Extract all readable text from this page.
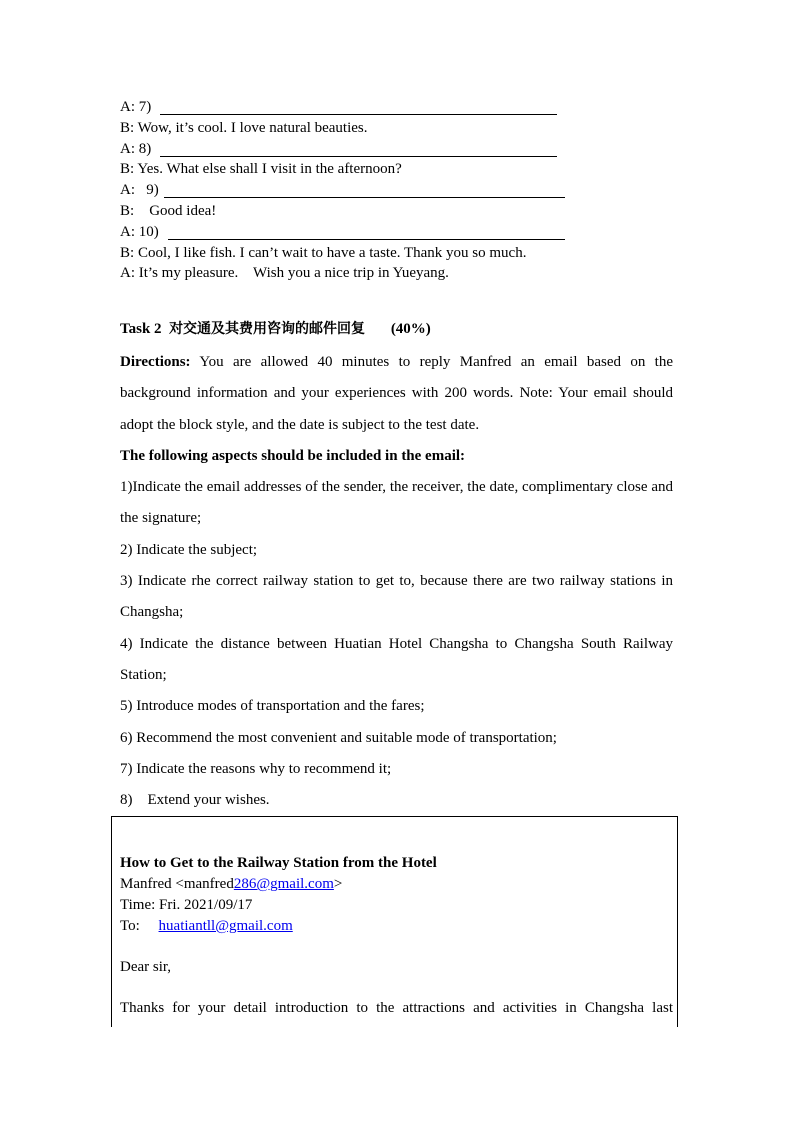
A: 7)
B: Wow, it’s cool. I love natural beauties.
A: 8)
B: Yes. What else shall I visit in the afternoon?
A: 9)
B: Good idea!
A: 10)
B: Cool, I like fish. I can’t wait to have a taste. Thank you so much.
A: It’s my pleasure.    Wish you a nice trip in Yueyang.
Task 2 对交通及其费用咨询的邮件回复 (40%)
Directions: You are allowed 40 minutes to reply Manfred an email based on the background information and your experiences with 200 words. Note: Your email should adopt the block style, and the date is subject to the test date.
The following aspects should be included in the email:
1)Indicate the email addresses of the sender, the receiver, the date, complimentary close and the signature;
2) Indicate the subject;
3) Indicate rhe correct railway station to get to, because there are two railway stations in Changsha;
4) Indicate the distance between Huatian Hotel Changsha to Changsha South Railway Station;
5) Introduce modes of transportation and the fares;
6) Recommend the most convenient and suitable mode of transportation;
7) Indicate the reasons why to recommend it;
8)    Extend your wishes.
How to Get to the Railway Station from the Hotel
Manfred <manfred286@gmail.com>
Time: Fri. 2021/09/17
To: huatiantll@gmail.com
Dear sir,
Thanks for your detail introduction to the attractions and activities in Changsha last
